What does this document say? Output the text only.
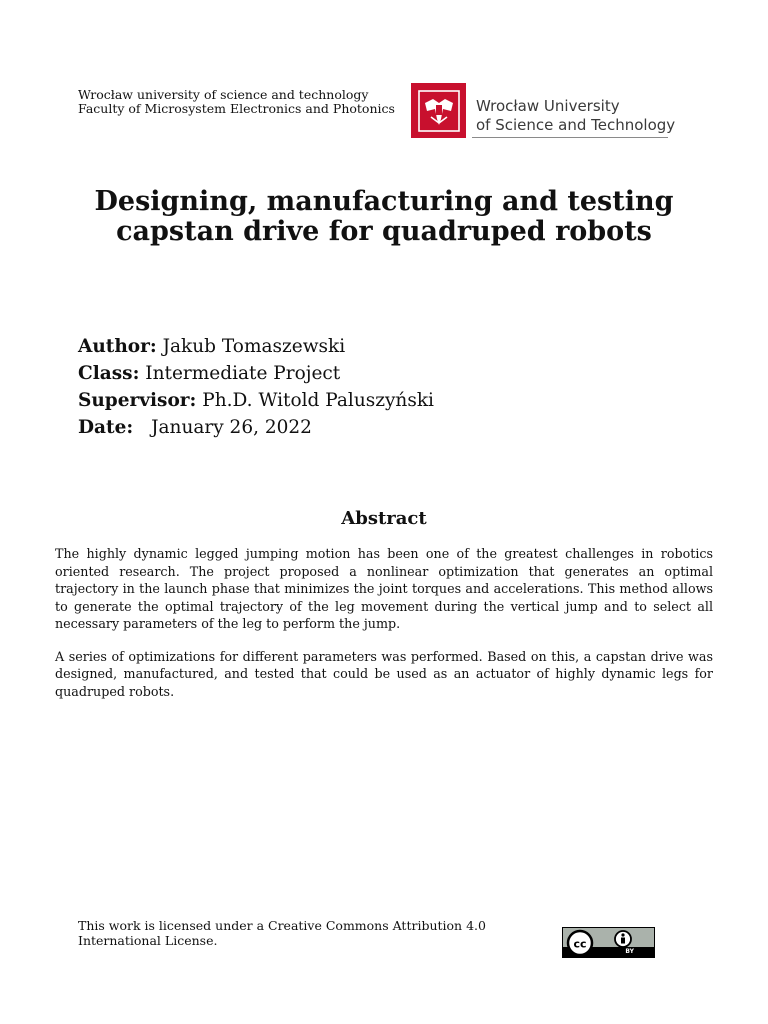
Wrocław university of science and technology
Faculty of Microsystem Electronics and Photonics	Wrocław University
of Science and Technology
Designing, manufacturing and testing
capstan drive for quadruped robots
Author: Jakub Tomaszewski
Class: Intermediate Project
Supervisor: Ph.D. Witold Paluszyński
Date: January 26, 2022
Abstract

The highly dynamic legged jumping motion has been one of the greatest challenges in robotics oriented research. The project proposed a nonlinear optimization that generates an optimal trajectory in the launch phase that minimizes the joint torques and accelerations. This method allows to generate the optimal trajectory of the leg movement during the vertical jump and to select all necessary parameters of the leg to perform the jump.

A series of optimizations for different parameters was performed. Based on this, a capstan drive was designed, manufactured, and tested that could be used as an actuator of highly dynamic legs for quadruped robots.

This work is licensed under a Creative Commons Attribution 4.0
International License.	cc
BY
